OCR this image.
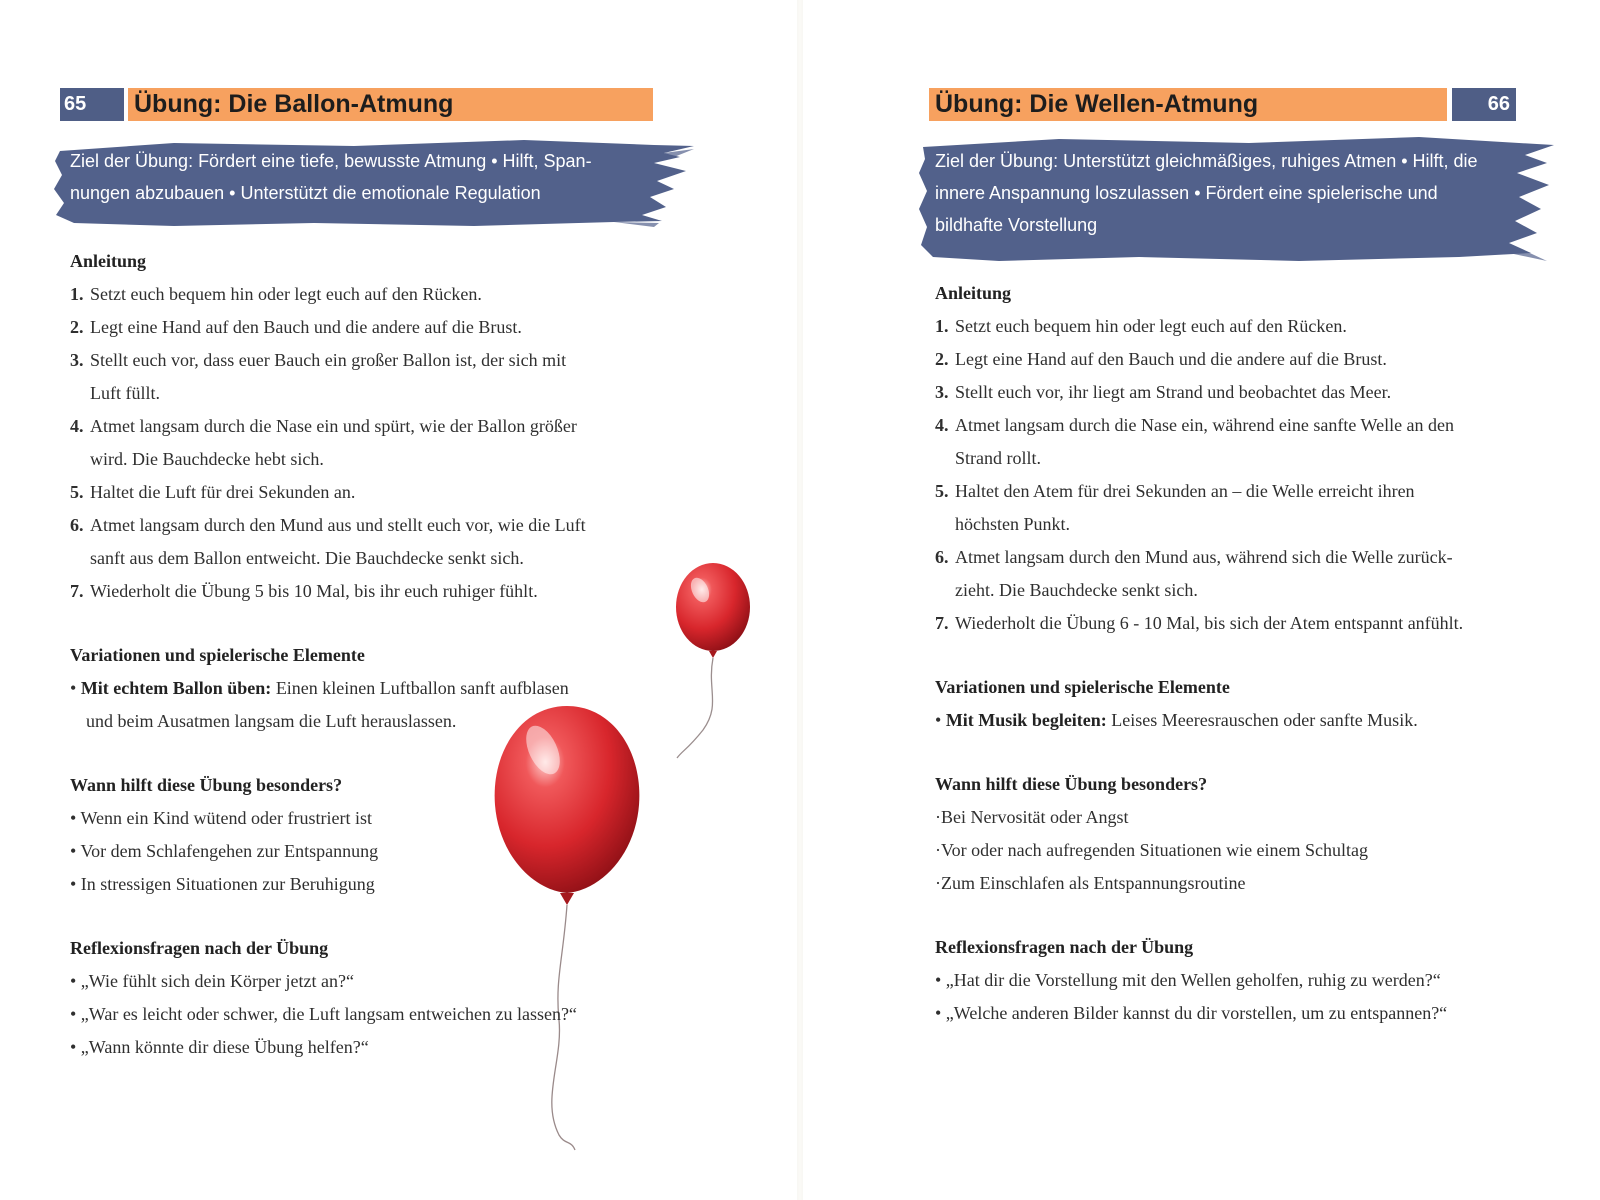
65	Übung: Die Ballon-Atmung
Ziel der Übung: Fördert eine tiefe, bewusste Atmung • Hilft, Span-
nungen abzubauen • Unterstützt die emotionale Regulation

Anleitung

1. Setzt euch bequem hin oder legt euch auf den Rücken.
2. Legt eine Hand auf den Bauch und die andere auf die Brust.
3. Stellt euch vor, dass euer Bauch ein großer Ballon ist, der sich mit
Luft füllt.
4. Atmet langsam durch die Nase ein und spürt, wie der Ballon größer
wird. Die Bauchdecke hebt sich.
5. Haltet die Luft für drei Sekunden an.
6. Atmet langsam durch den Mund aus und stellt euch vor, wie die Luft
sanft aus dem Ballon entweicht. Die Bauchdecke senkt sich.
7. Wiederholt die Übung 5 bis 10 Mal, bis ihr euch ruhiger fühlt.

Variationen und spielerische Elemente

• Mit echtem Ballon üben: Einen kleinen Luftballon sanft aufblasen
und beim Ausatmen langsam die Luft herauslassen.

Wann hilft diese Übung besonders?

• Wenn ein Kind wütend oder frustriert ist

• Vor dem Schlafengehen zur Entspannung

• In stressigen Situationen zur Beruhigung

Reflexionsfragen nach der Übung

• „Wie fühlt sich dein Körper jetzt an?“

• „War es leicht oder schwer, die Luft langsam entweichen zu lassen?“

• „Wann könnte dir diese Übung helfen?“

Übung: Die Wellen-Atmung	66
Ziel der Übung: Unterstützt gleichmäßiges, ruhiges Atmen • Hilft, die
innere Anspannung loszulassen • Fördert eine spielerische und
bildhafte Vorstellung

Anleitung

1. Setzt euch bequem hin oder legt euch auf den Rücken.
2. Legt eine Hand auf den Bauch und die andere auf die Brust.
3. Stellt euch vor, ihr liegt am Strand und beobachtet das Meer.
4. Atmet langsam durch die Nase ein, während eine sanfte Welle an den
Strand rollt.
5. Haltet den Atem für drei Sekunden an – die Welle erreicht ihren
höchsten Punkt.
6. Atmet langsam durch den Mund aus, während sich die Welle zurück-
zieht. Die Bauchdecke senkt sich.
7. Wiederholt die Übung 6 - 10 Mal, bis sich der Atem entspannt anfühlt.

Variationen und spielerische Elemente

• Mit Musik begleiten: Leises Meeresrauschen oder sanfte Musik.

Wann hilft diese Übung besonders?

·Bei Nervosität oder Angst

·Vor oder nach aufregenden Situationen wie einem Schultag

·Zum Einschlafen als Entspannungsroutine

Reflexionsfragen nach der Übung

• „Hat dir die Vorstellung mit den Wellen geholfen, ruhig zu werden?“

• „Welche anderen Bilder kannst du dir vorstellen, um zu entspannen?“
